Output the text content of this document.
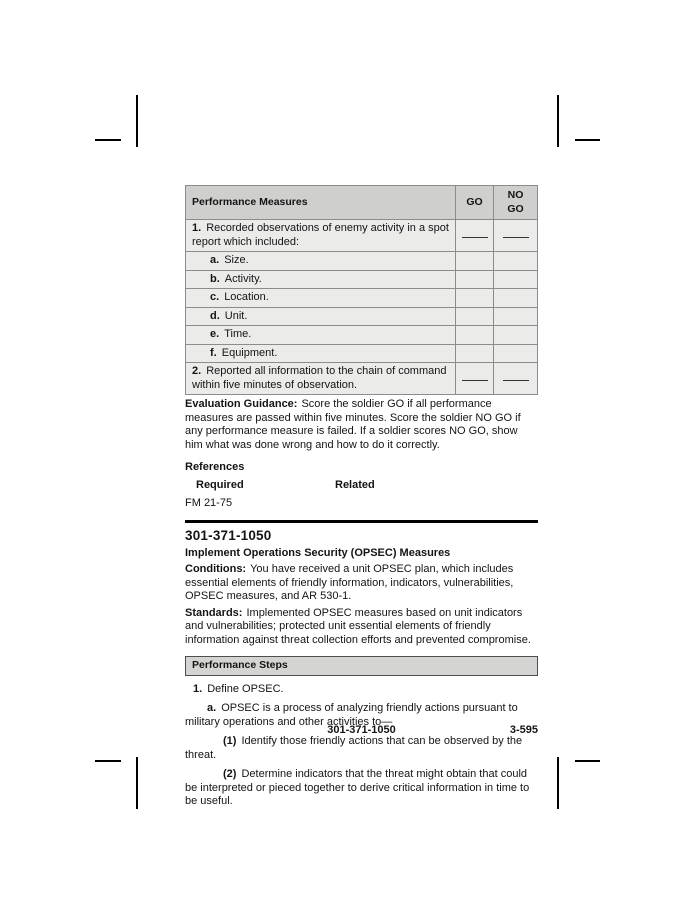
Performance Measures	GO	NO GO
1. Recorded observations of enemy activity in a spot report which included:		
a. Size.		
b. Activity.		
c. Location.		
d. Unit.		
e. Time.		
f. Equipment.		
2. Reported all information to the chain of command within five minutes of observation.		

Evaluation Guidance: Score the soldier GO if all performance measures are passed within five minutes. Score the soldier NO GO if any performance measure is failed. If a soldier scores NO GO, show him what was done wrong and how to do it correctly.

References
Required	Related
FM 21-75
301-371-1050
Implement Operations Security (OPSEC) Measures

Conditions: You have received a unit OPSEC plan, which includes essential elements of friendly information, indicators, vulnerabilities, OPSEC measures, and AR 530-1.

Standards: Implemented OPSEC measures based on unit indicators and vulnerabilities; protected unit essential elements of friendly information against threat collection efforts and prevented compromise.

Performance Steps

1. Define OPSEC.

a. OPSEC is a process of analyzing friendly actions pursuant to military operations and other activities to—

(1) Identify those friendly actions that can be observed by the threat.

(2) Determine indicators that the threat might obtain that could be interpreted or pieced together to derive critical information in time to be useful.

301-371-1050	3-595
